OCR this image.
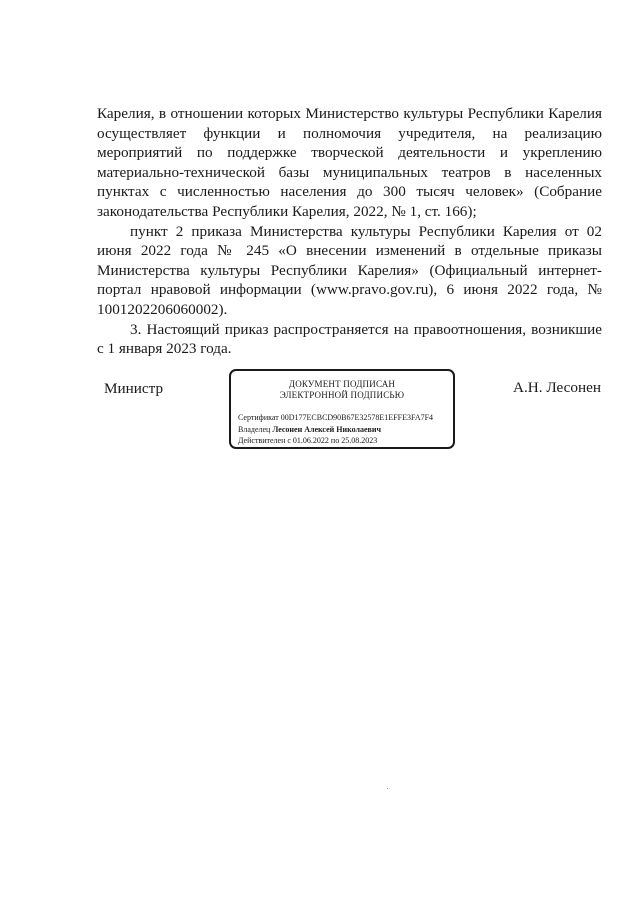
Карелия, в отношении которых Министерство культуры Республики Карелия осуществляет функции и полномочия учредителя, на реализацию мероприятий по поддержке творческой деятельности и укреплению материально-технической базы муниципальных театров в населенных пунктах с численностью населения до 300 тысяч человек» (Собрание законодательства Республики Карелия, 2022, № 1, ст. 166);

пункт 2 приказа Министерства культуры Республики Карелия от 02 июня 2022 года № 245 «О внесении изменений в отдельные приказы Министерства культуры Республики Карелия» (Официальный интернет-портал нравовой информации (www.pravo.gov.ru), 6 июня 2022 года, № 1001202206060002).

3. Настоящий приказ распространяется на правоотношения, возникшие с 1 января 2023 года.

Министр	ДОКУМЕНТ ПОДПИСАН
ЭЛЕКТРОННОЙ ПОДПИСЬЮ
Сертификат 00D177ECBCD90B67E32578E1EFFE3FA7F4
Владелец Лесонен Алексей Николаевич
Действителен с 01.06.2022 по 25.08.2023
А.Н. Лесонен
